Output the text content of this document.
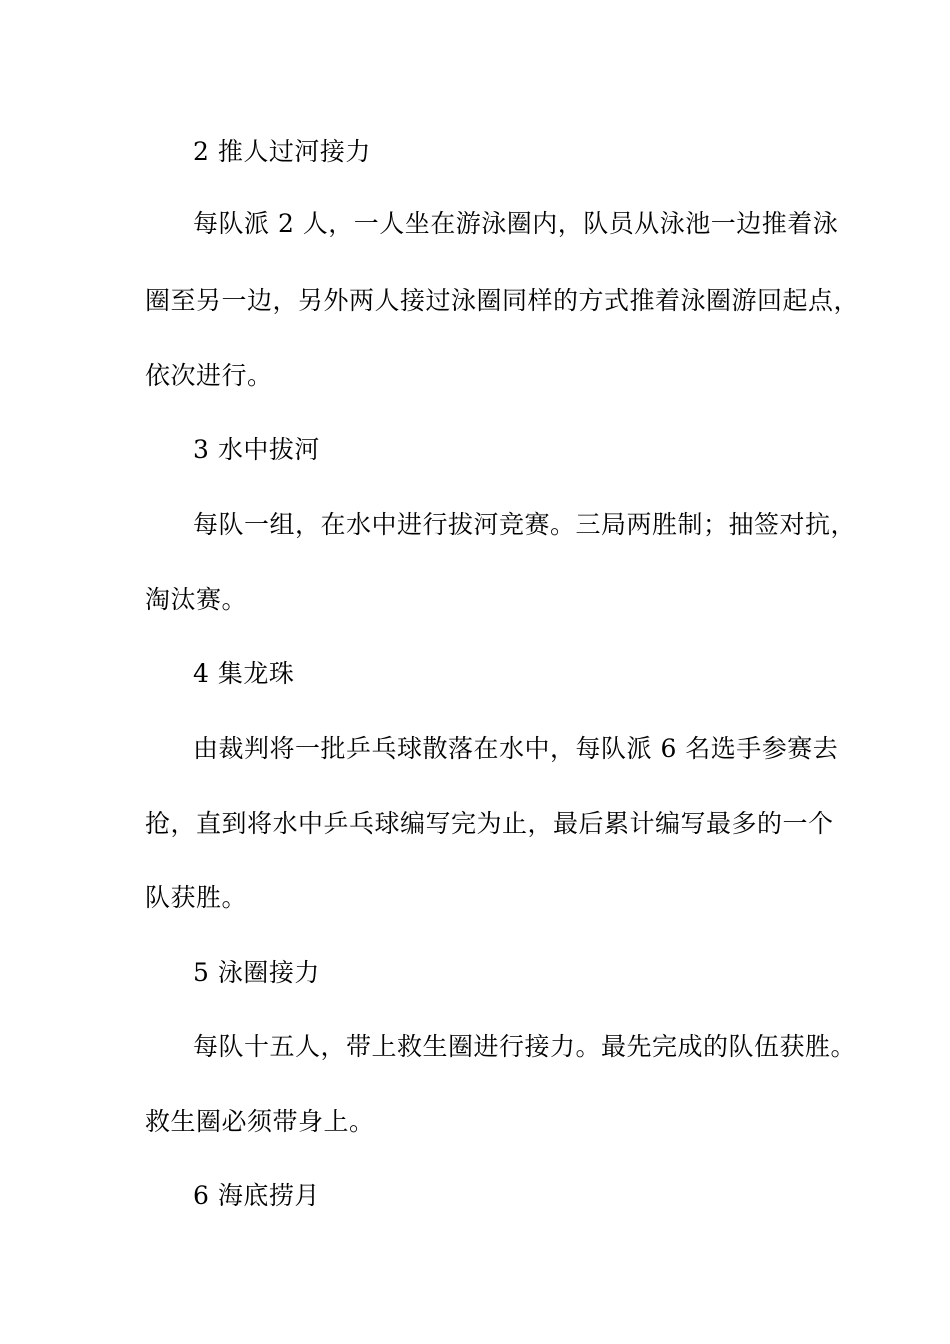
2 推人过河接力
每队派 2 人，一人坐在游泳圈内，队员从泳池一边推着泳
圈至另一边，另外两人接过泳圈同样的方式推着泳圈游回起点，
依次进行。
3 水中拔河
每队一组，在水中进行拔河竞赛。三局两胜制；抽签对抗，
淘汰赛。
4 集龙珠
由裁判将一批乒乓球散落在水中，每队派 6 名选手参赛去
抢，直到将水中乒乓球编写完为止，最后累计编写最多的一个
队获胜。
5 泳圈接力
每队十五人，带上救生圈进行接力。最先完成的队伍获胜。
救生圈必须带身上。
6 海底捞月
